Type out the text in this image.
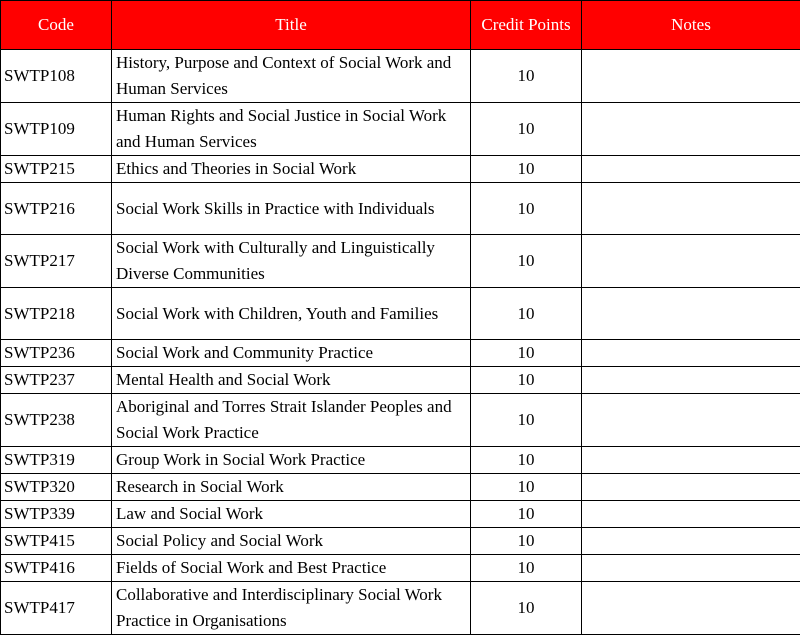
Code	Title	Credit Points	Notes
SWTP108	History, Purpose and Context of Social Work and Human Services	10	
SWTP109	Human Rights and Social Justice in Social Work and Human Services	10	
SWTP215	Ethics and Theories in Social Work	10	
SWTP216	Social Work Skills in Practice with Individuals	10	
SWTP217	Social Work with Culturally and Linguistically Diverse Communities	10	
SWTP218	Social Work with Children, Youth and Families	10	
SWTP236	Social Work and Community Practice	10	
SWTP237	Mental Health and Social Work	10	
SWTP238	Aboriginal and Torres Strait Islander Peoples and Social Work Practice	10	
SWTP319	Group Work in Social Work Practice	10	
SWTP320	Research in Social Work	10	
SWTP339	Law and Social Work	10	
SWTP415	Social Policy and Social Work	10	
SWTP416	Fields of Social Work and Best Practice	10	
SWTP417	Collaborative and Interdisciplinary Social Work Practice in Organisations	10	
